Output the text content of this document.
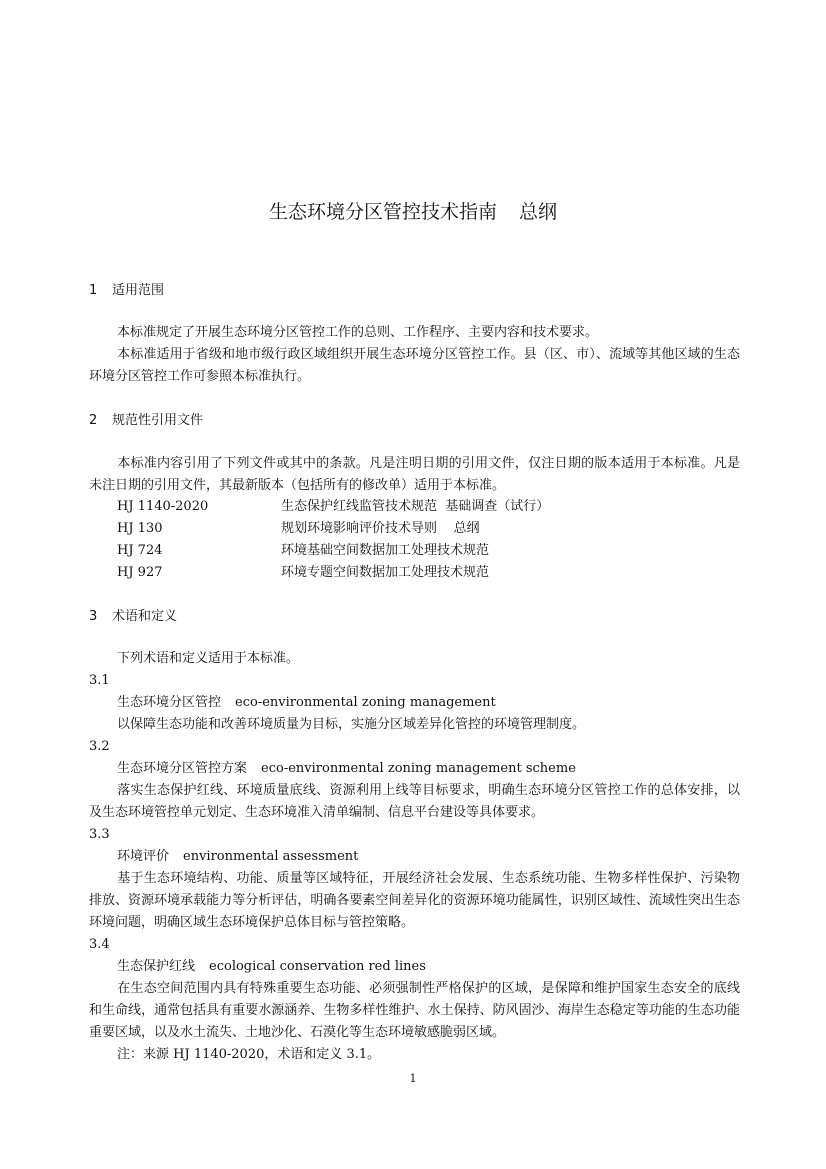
生态环境分区管控技术指南 总纲
1 适用范围
本标准规定了开展生态环境分区管控工作的总则、工作程序、主要内容和技术要求。
本标准适用于省级和地市级行政区域组织开展生态环境分区管控工作。县（区、市）、流域等其他区域的生态环境分区管控工作可参照本标准执行。
2 规范性引用文件
本标准内容引用了下列文件或其中的条款。凡是注明日期的引用文件，仅注日期的版本适用于本标准。凡是未注日期的引用文件，其最新版本（包括所有的修改单）适用于本标准。
HJ 1140-2020	生态保护红线监管技术规范  基础调查（试行）
HJ 130	规划环境影响评价技术导则    总纲
HJ 724	环境基础空间数据加工处理技术规范
HJ 927	环境专题空间数据加工处理技术规范
3 术语和定义
下列术语和定义适用于本标准。
3.1
生态环境分区管控 eco-environmental zoning management
以保障生态功能和改善环境质量为目标，实施分区域差异化管控的环境管理制度。
3.2
生态环境分区管控方案 eco-environmental zoning management scheme
落实生态保护红线、环境质量底线、资源利用上线等目标要求，明确生态环境分区管控工作的总体安排，以及生态环境管控单元划定、生态环境准入清单编制、信息平台建设等具体要求。
3.3
环境评价 environmental assessment
基于生态环境结构、功能、质量等区域特征，开展经济社会发展、生态系统功能、生物多样性保护、污染物排放、资源环境承载能力等分析评估，明确各要素空间差异化的资源环境功能属性，识别区域性、流域性突出生态环境问题，明确区域生态环境保护总体目标与管控策略。
3.4
生态保护红线 ecological conservation red lines
在生态空间范围内具有特殊重要生态功能、必须强制性严格保护的区域，是保障和维护国家生态安全的底线和生命线，通常包括具有重要水源涵养、生物多样性维护、水土保持、防风固沙、海岸生态稳定等功能的生态功能重要区域，以及水土流失、土地沙化、石漠化等生态环境敏感脆弱区域。
注：来源 HJ 1140-2020，术语和定义 3.1。
1
